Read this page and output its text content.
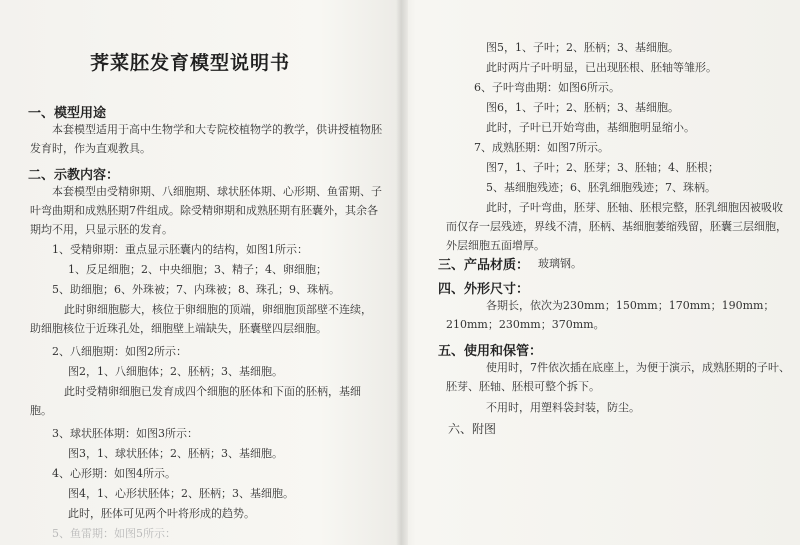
荠菜胚发育模型说明书
一、模型用途
本套模型适用于高中生物学和大专院校植物学的教学，供讲授植物胚发育时，作为直观教具。
二、示教内容：
本套模型由受精卵期、八细胞期、球状胚体期、心形期、鱼雷期、子叶弯曲期和成熟胚期7件组成。除受精卵期和成熟胚期有胚囊外，其余各期均不用，只显示胚的发育。
1、受精卵期：重点显示胚囊内的结构，如图1所示：
1、反足细胞；2、中央细胞；3、精子；4、卵细胞；
5、助细胞；6、外珠被；7、内珠被；8、珠孔；9、珠柄。
此时卵细胞膨大，核位于卵细胞的顶端，卵细胞顶部壁不连续，助细胞核位于近珠孔处，细胞壁上端缺失，胚囊壁四层细胞。
2、八细胞期：如图2所示：
图2，1、八细胞体；2、胚柄；3、基细胞。
此时受精卵细胞已发育成四个细胞的胚体和下面的胚柄，基细胞。
3、球状胚体期：如图3所示：
图3，1、球状胚体；2、胚柄；3、基细胞。
4、心形期：如图4所示。
图4，1、心形状胚体；2、胚柄；3、基细胞。
此时，胚体可见两个叶将形成的趋势。
5、鱼雷期：如图5所示：
图5，1、子叶；2、胚柄；3、基细胞。
此时两片子叶明显，已出现胚根、胚轴等雏形。
6、子叶弯曲期：如图6所示。
图6，1、子叶；2、胚柄；3、基细胞。
此时，子叶已开始弯曲，基细胞明显缩小。
7、成熟胚期：如图7所示。
图7，1、子叶；2、胚芽；3、胚轴；4、胚根；
5、基细胞残迹；6、胚乳细胞残迹；7、珠柄。
此时，子叶弯曲，胚芽、胚轴、胚根完整，胚乳细胞因被吸收而仅存一层残迹，界线不清，胚柄、基细胞萎缩残留，胚囊三层细胞，外层细胞五面增厚。
三、产品材质： 玻璃钢。
四、外形尺寸：
各期长，依次为230mm；150mm；170mm；190mm；210mm；230mm；370mm。
五、使用和保管：
使用时，7件依次插在底座上，为便于演示，成熟胚期的子叶、胚芽、胚轴、胚根可整个拆下。
不用时，用塑料袋封装，防尘。
六、附图
